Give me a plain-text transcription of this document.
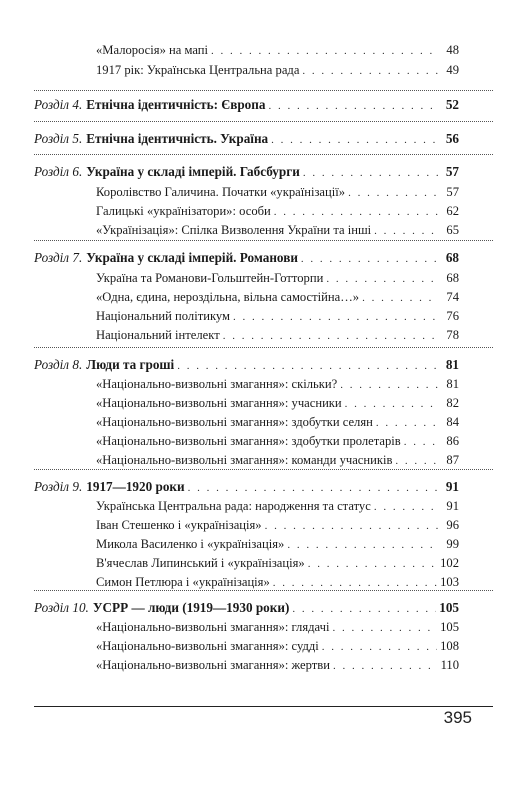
«Малоросія» на мапі . . .	48
1917 рік: Українська Центральна рада . . .	49
Розділ 4. Етнічна ідентичність: Європа . . .	52
Розділ 5. Етнічна ідентичність. Україна . . .	56
Розділ 6. Україна у складі імперій. Габсбурги . . .	57
Королівство Галичина. Початки «українізації» . . .	57
Галицькі «українізатори»: особи . . .	62
«Українізація»: Спілка Визволення України та інші . . .	65
Розділ 7. Україна у складі імперій. Романови . . .	68
Україна та Романови-Гольштейн-Готторпи . . .	68
«Одна, єдина, нероздільна, вільна самостійна…» . . .	74
Національний політикум . . .	76
Національний інтелект . . .	78
Розділ 8. Люди та гроші . . .	81
«Національно-визвольні змагання»: скільки? . . .	81
«Національно-визвольні змагання»: учасники . . .	82
«Національно-визвольні змагання»: здобутки селян . . .	84
«Національно-визвольні змагання»: здобутки пролетарів . . .	86
«Національно-визвольні змагання»: команди учасників . . .	87
Розділ 9. 1917—1920 роки . . .	91
Українська Центральна рада: народження та статус . . .	91
Іван Стешенко і «українізація» . . .	96
Микола Василенко і «українізація» . . .	99
В'ячеслав Липинський і «українізація» . . .	102
Симон Петлюра і «українізація» . . .	103
Розділ 10. УСРР — люди (1919—1930 роки) . . .	105
«Національно-визвольні змагання»: глядачі . . .	105
«Національно-визвольні змагання»: судді . . .	108
«Національно-визвольні змагання»: жертви . . .	110
395
